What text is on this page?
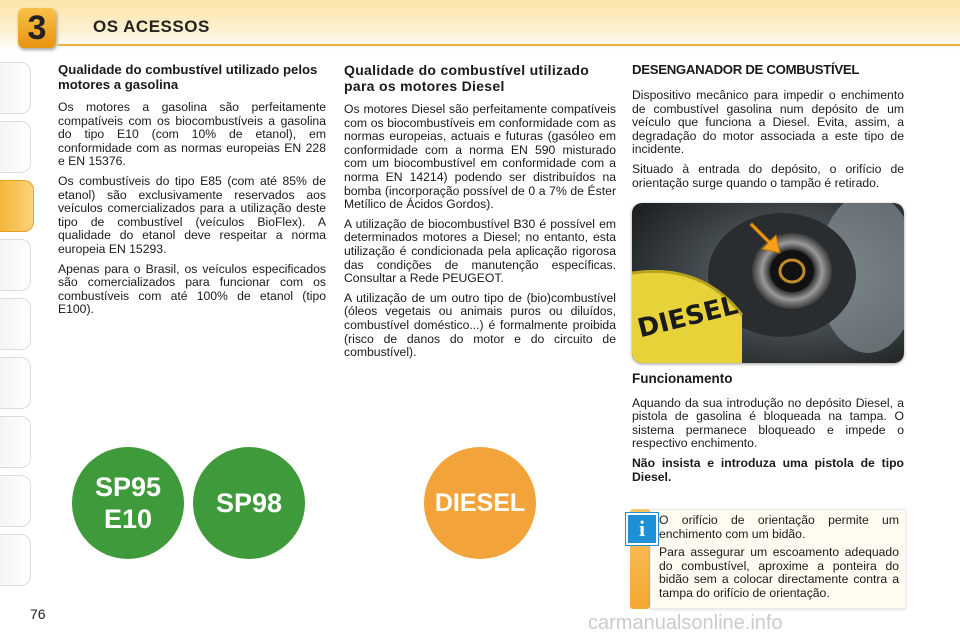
3	OS ACESSOS
Qualidade do combustível utilizado pelos motores a gasolina

Os motores a gasolina são perfeitamente compatíveis com os biocombustíveis a gasolina do tipo E10 (com 10% de etanol), em conformidade com as normas europeias EN 228 e EN 15376.

Os combustíveis do tipo E85 (com até 85% de etanol) são exclusivamente reservados aos veículos comercializados para a utilização deste tipo de combustível (veículos BioFlex). A qualidade do etanol deve respeitar a norma europeia EN 15293.

Apenas para o Brasil, os veículos especificados são comercializados para funcionar com os combustíveis com até 100% de etanol (tipo E100).

Qualidade do combustível utilizado para os motores Diesel

Os motores Diesel são perfeitamente compatíveis com os biocombustíveis em conformidade com as normas europeias, actuais e futuras (gasóleo em conformidade com a norma EN 590 misturado com um biocombustível em conformidade com a norma EN 14214) podendo ser distribuídos na bomba (incorporação possível de 0 a 7% de Éster Metílico de Ácidos Gordos).

A utilização de biocombustível B30 é possível em determinados motores a Diesel; no entanto, esta utilização é condicionada pela aplicação rigorosa das condições de manutenção específicas. Consultar a Rede PEUGEOT.

A utilização de um outro tipo de (bio)combustível (óleos vegetais ou animais puros ou diluídos, combustível doméstico...) é formalmente proibida (risco de danos do motor e do circuito de combustível).

DESENGANADOR DE COMBUSTÍVEL

Dispositivo mecânico para impedir o enchimento de combustível gasolina num depósito de um veículo que funciona a Diesel. Evita, assim, a degradação do motor associada a este tipo de incidente.

Situado à entrada do depósito, o orifício de orientação surge quando o tampão é retirado.

DIESEL
Funcionamento

Aquando da sua introdução no depósito Diesel, a pistola de gasolina é bloqueada na tampa. O sistema permanece bloqueado e impede o respectivo enchimento.

Não insista e introduza uma pistola de tipo Diesel.

SP95
E10
SP98	DIESEL

O orifício de orientação permite um enchimento com um bidão.

Para assegurar um escoamento adequado do combustível, aproximе a ponteira do bidão sem a colocar directamente contra a tampa do orifício de orientação.

i
76	carmanualsonline.info
